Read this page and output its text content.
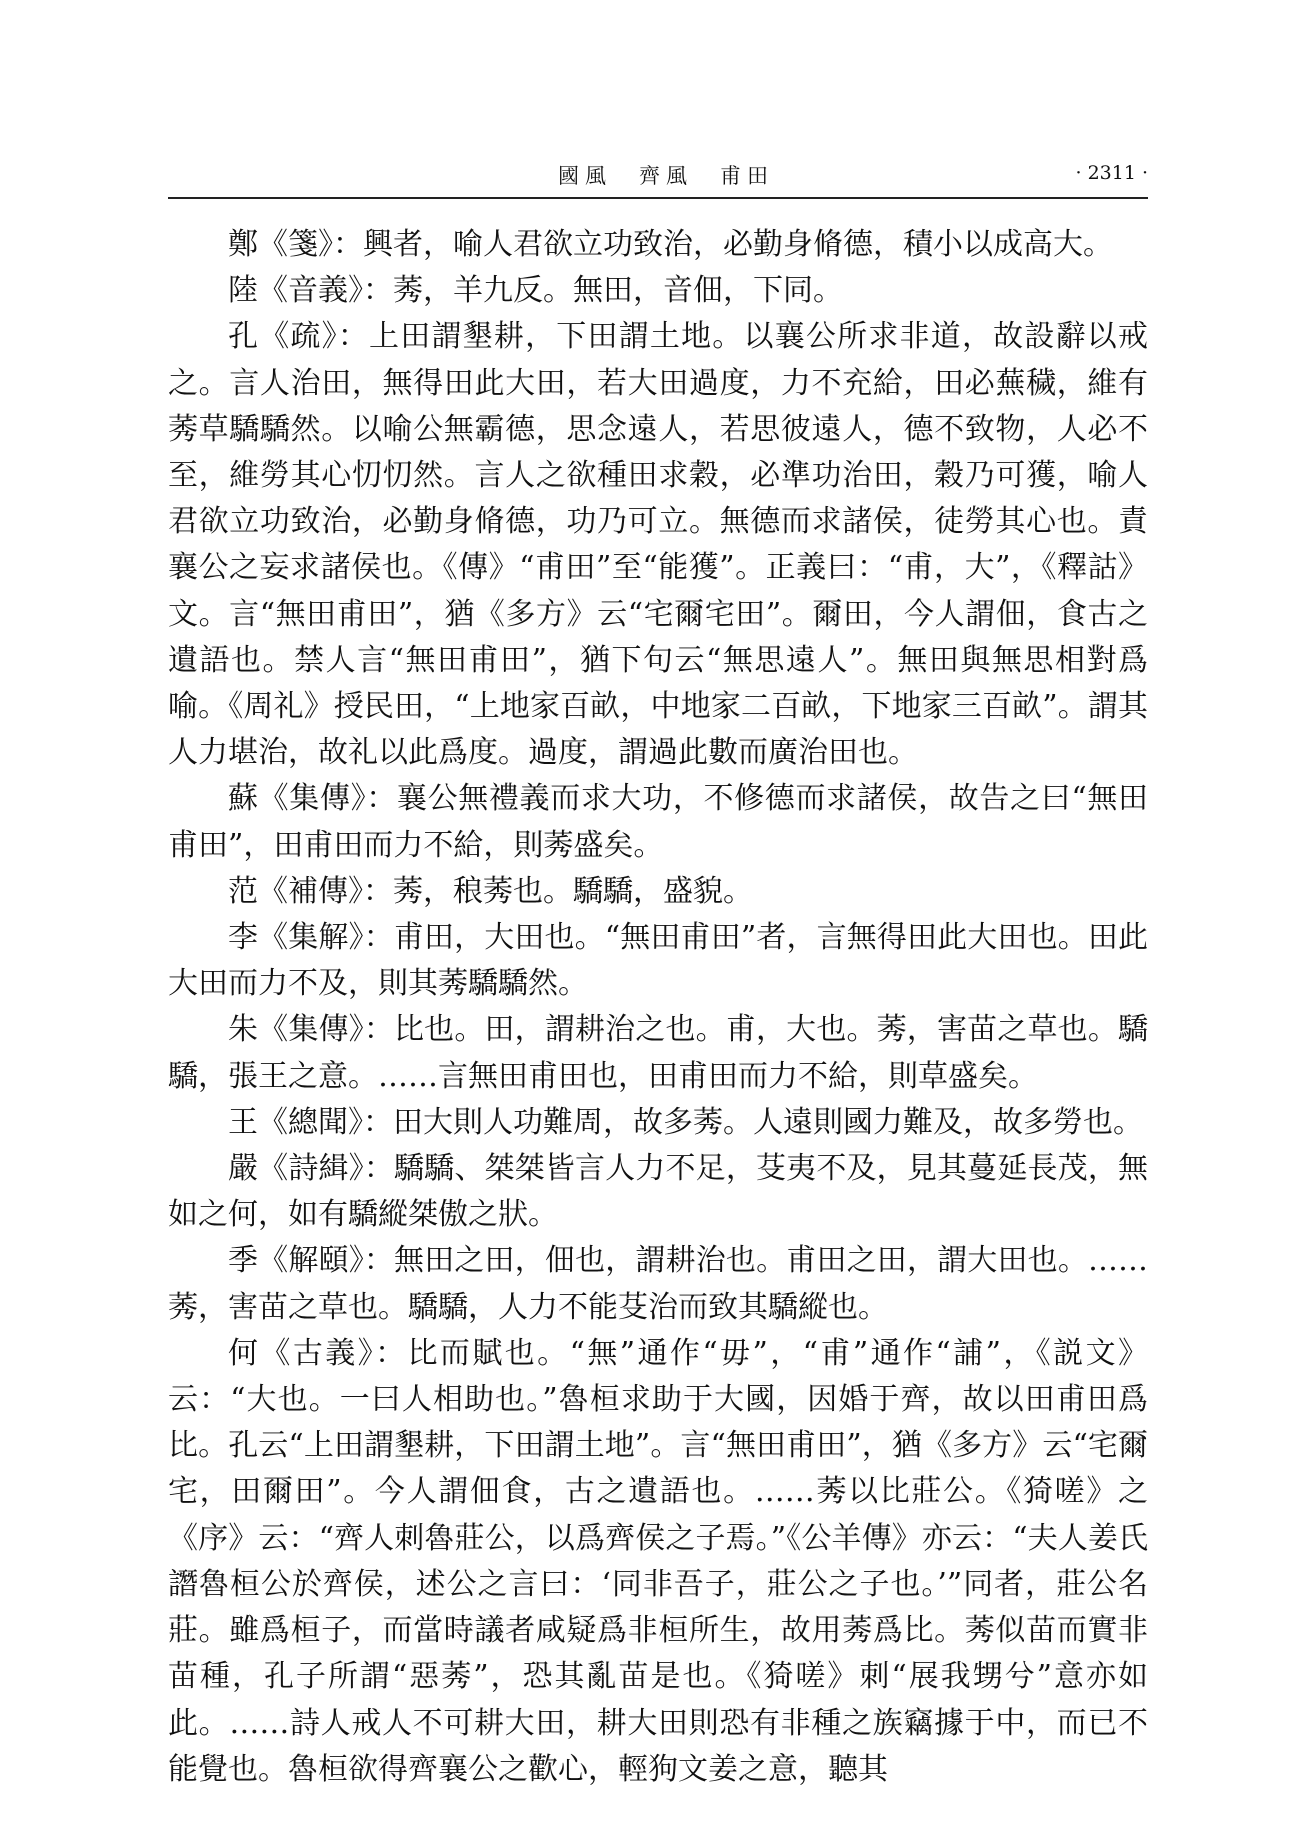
國風　齊風　甫田	· 2311 ·

鄭《箋》：興者，喻人君欲立功致治，必勤身脩德，積小以成高大。

陸《音義》：莠，羊九反。無田，音佃，下同。

孔《疏》：上田謂墾耕，下田謂土地。以襄公所求非道，故設辭以戒之。言人治田，無得田此大田，若大田過度，力不充給，田必蕪穢，維有莠草驕驕然。以喻公無霸德，思念遠人，若思彼遠人，德不致物，人必不至，維勞其心忉忉然。言人之欲種田求穀，必準功治田，穀乃可獲，喻人君欲立功致治，必勤身脩德，功乃可立。無德而求諸侯，徒勞其心也。責襄公之妄求諸侯也。《傳》“甫田”至“能獲”。正義曰：“甫，大”，《釋詁》文。言“無田甫田”，猶《多方》云“宅爾宅田”。爾田，今人謂佃，食古之遺語也。禁人言“無田甫田”，猶下句云“無思遠人”。無田與無思相對爲喻。《周礼》授民田，“上地家百畝，中地家二百畝，下地家三百畝”。謂其人力堪治，故礼以此爲度。過度，謂過此數而廣治田也。

蘇《集傳》：襄公無禮義而求大功，不修德而求諸侯，故告之曰“無田甫田”，田甫田而力不給，則莠盛矣。

范《補傳》：莠，稂莠也。驕驕，盛貌。

李《集解》：甫田，大田也。“無田甫田”者，言無得田此大田也。田此大田而力不及，則其莠驕驕然。

朱《集傳》：比也。田，謂耕治之也。甫，大也。莠，害苗之草也。驕驕，張王之意。……言無田甫田也，田甫田而力不給，則草盛矣。

王《總聞》：田大則人功難周，故多莠。人遠則國力難及，故多勞也。

嚴《詩緝》：驕驕、桀桀皆言人力不足，芟夷不及，見其蔓延長茂，無如之何，如有驕縱桀傲之狀。

季《解頤》：無田之田，佃也，謂耕治也。甫田之田，謂大田也。……莠，害苗之草也。驕驕，人力不能芟治而致其驕縱也。

何《古義》：比而賦也。“無”通作“毋”，“甫”通作“誧”，《説文》云：“大也。一曰人相助也。”魯桓求助于大國，因婚于齊，故以田甫田爲比。孔云“上田謂墾耕，下田謂土地”。言“無田甫田”，猶《多方》云“宅爾宅，田爾田”。今人謂佃食，古之遺語也。……莠以比莊公。《猗嗟》之《序》云：“齊人刺魯莊公，以爲齊侯之子焉。”《公羊傳》亦云：“夫人姜氏譖魯桓公於齊侯，述公之言曰：‘同非吾子，莊公之子也。’”同者，莊公名莊。雖爲桓子，而當時議者咸疑爲非桓所生，故用莠爲比。莠似苗而實非苗種，孔子所謂“惡莠”，恐其亂苗是也。《猗嗟》刺“展我甥兮”意亦如此。……詩人戒人不可耕大田，耕大田則恐有非種之族竊據于中，而已不能覺也。魯桓欲得齊襄公之歡心，輕狗文姜之意，聽其
